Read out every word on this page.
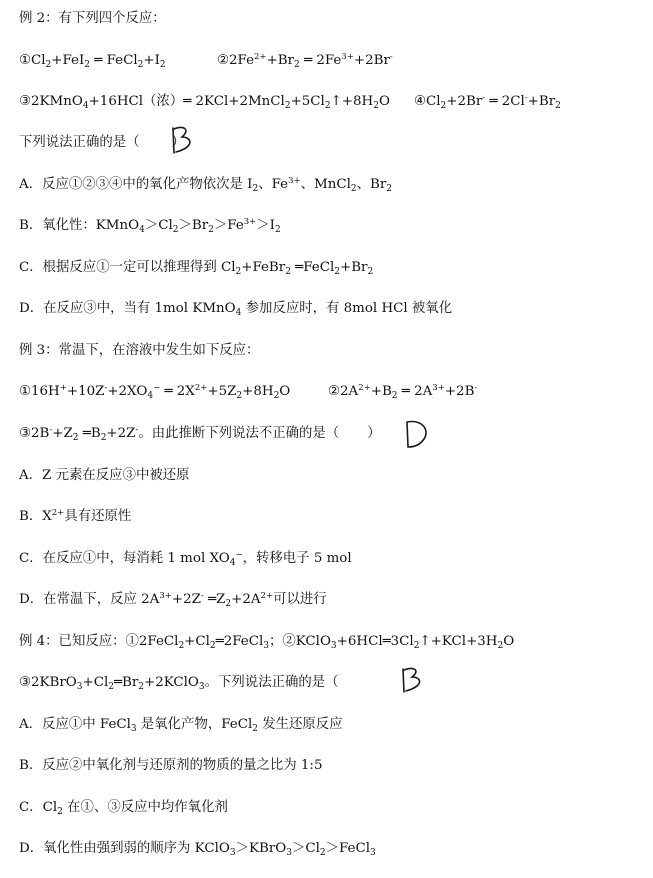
例 2：有下列四个反应：
$①Cl_2+FeI_2$ ═ $FeCl_2+I_2$	$②2Fe^{2+}+Br_2$ ═ $2Fe^{3+}+2Br^-$
③2KMnO$_4$+16HCl（浓）═ $2KCl+2MnCl_2+5Cl_2↑+8H_2O$ $④Cl_2+2Br^-$ ═ $2Cl^-+Br_2$
下列说法正确的是（ ）
A．反应①②③④中的氧化产物依次是 $I_2$、$Fe^{3+}$、MnCl$_2$、$Br_2$
B．氧化性：$KMnO_4>Cl_2>Br_2>Fe^{3+}>I_2$
C．根据反应①一定可以推理得到 $Cl_2+FeBr_2$ $═FeCl_2+Br_2$
D．在反应③中，当有 1mol KMnO$_4$ 参加反应时，有 8mol HCl 被氧化
例 3：常温下，在溶液中发生如下反应：
$①16H^++10Z^-+2XO_4^-$ ═ $2X^{2+}+5Z_2+8H_2O$	$②2A^{2+}+B_2$ ═ $2A^{3+}+2B^-$
$③2B^-+Z_2$ $═B_2+2Z^-$。由此推断下列说法不正确的是（ ）
A．Z 元素在反应③中被还原
B．$X^{2+}$具有还原性
C．在反应①中，每消耗 1 mol $XO_4^-$，转移电子 5 mol
D．在常温下，反应 $2A^{3+}+2Z^-$ $═Z_2+2A^{2+}$可以进行
例 4：已知反应：$①2FeCl_2+Cl_2═2FeCl_3$；$②KClO_3+6HCl═3Cl_2↑+KCl+3H_2O$
$③2KBrO_3+Cl_2═Br_2+2KClO_3$。下列说法正确的是（
A．反应①中 FeCl$_3$ 是氧化产物，FeCl$_2$ 发生还原反应
B．反应②中氧化剂与还原剂的物质的量之比为 1:5
C．$Cl_2$ 在①、③反应中均作氧化剂
D．氧化性由强到弱的顺序为 $KClO_3>KBrO_3>Cl_2>FeCl_3$
